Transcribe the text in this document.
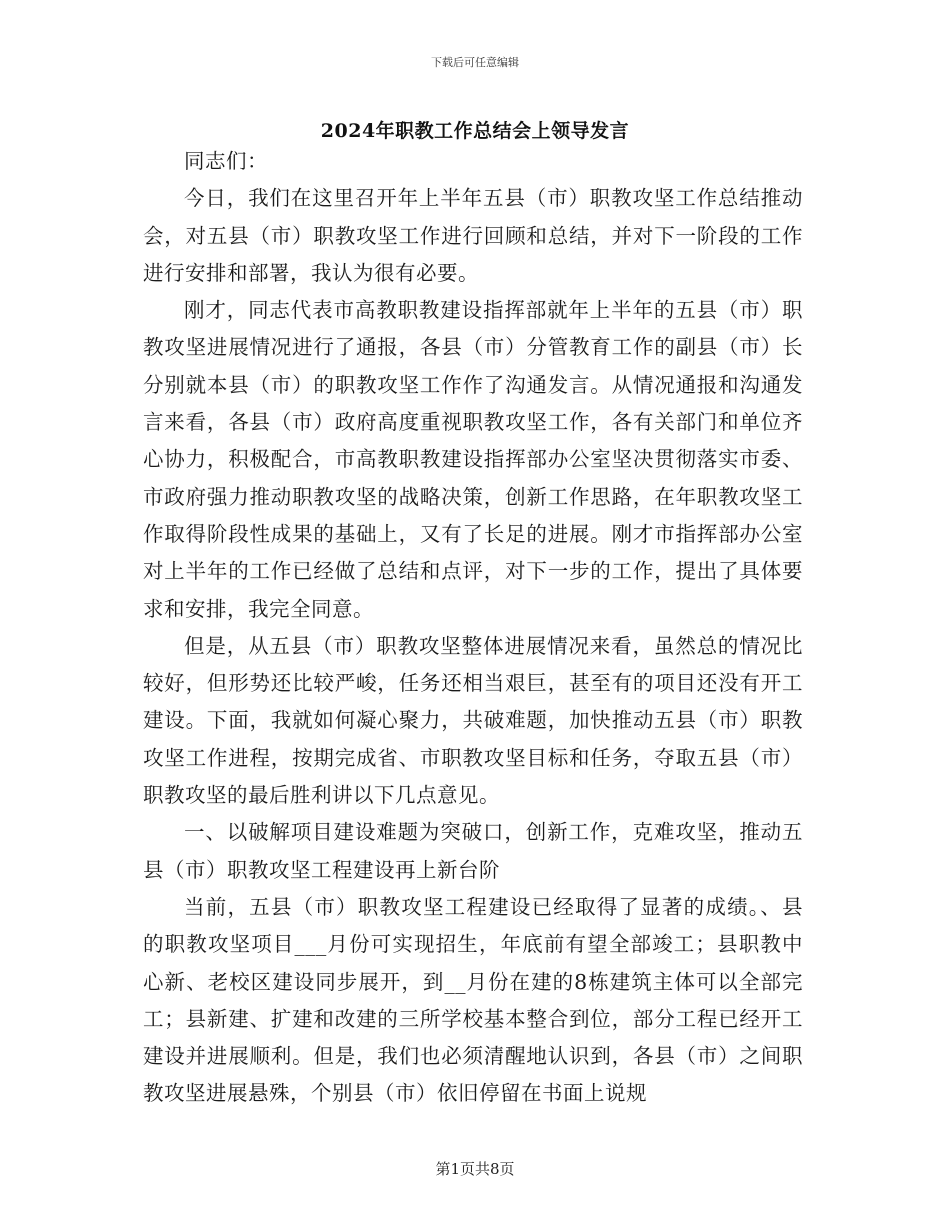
下载后可任意编辑
2024年职教工作总结会上领导发言

同志们：

今日，我们在这里召开年上半年五县（市）职教攻坚工作总结推动会，对五县（市）职教攻坚工作进行回顾和总结，并对下一阶段的工作进行安排和部署，我认为很有必要。

刚才，同志代表市高教职教建设指挥部就年上半年的五县（市）职教攻坚进展情况进行了通报，各县（市）分管教育工作的副县（市）长分别就本县（市）的职教攻坚工作作了沟通发言。从情况通报和沟通发言来看，各县（市）政府高度重视职教攻坚工作，各有关部门和单位齐心协力，积极配合，市高教职教建设指挥部办公室坚决贯彻落实市委、市政府强力推动职教攻坚的战略决策，创新工作思路，在年职教攻坚工作取得阶段性成果的基础上，又有了长足的进展。刚才市指挥部办公室对上半年的工作已经做了总结和点评，对下一步的工作，提出了具体要求和安排，我完全同意。

但是，从五县（市）职教攻坚整体进展情况来看，虽然总的情况比较好，但形势还比较严峻，任务还相当艰巨，甚至有的项目还没有开工建设。下面，我就如何凝心聚力，共破难题，加快推动五县（市）职教攻坚工作进程，按期完成省、市职教攻坚目标和任务，夺取五县（市）职教攻坚的最后胜利讲以下几点意见。

一、以破解项目建设难题为突破口，创新工作，克难攻坚，推动五县（市）职教攻坚工程建设再上新台阶

当前，五县（市）职教攻坚工程建设已经取得了显著的成绩。、县的职教攻坚项目___月份可实现招生，年底前有望全部竣工；县职教中心新、老校区建设同步展开，到__月份在建的8栋建筑主体可以全部完工；县新建、扩建和改建的三所学校基本整合到位，部分工程已经开工建设并进展顺利。但是，我们也必须清醒地认识到，各县（市）之间职教攻坚进展悬殊，个别县（市）依旧停留在书面上说规

第1页共8页
